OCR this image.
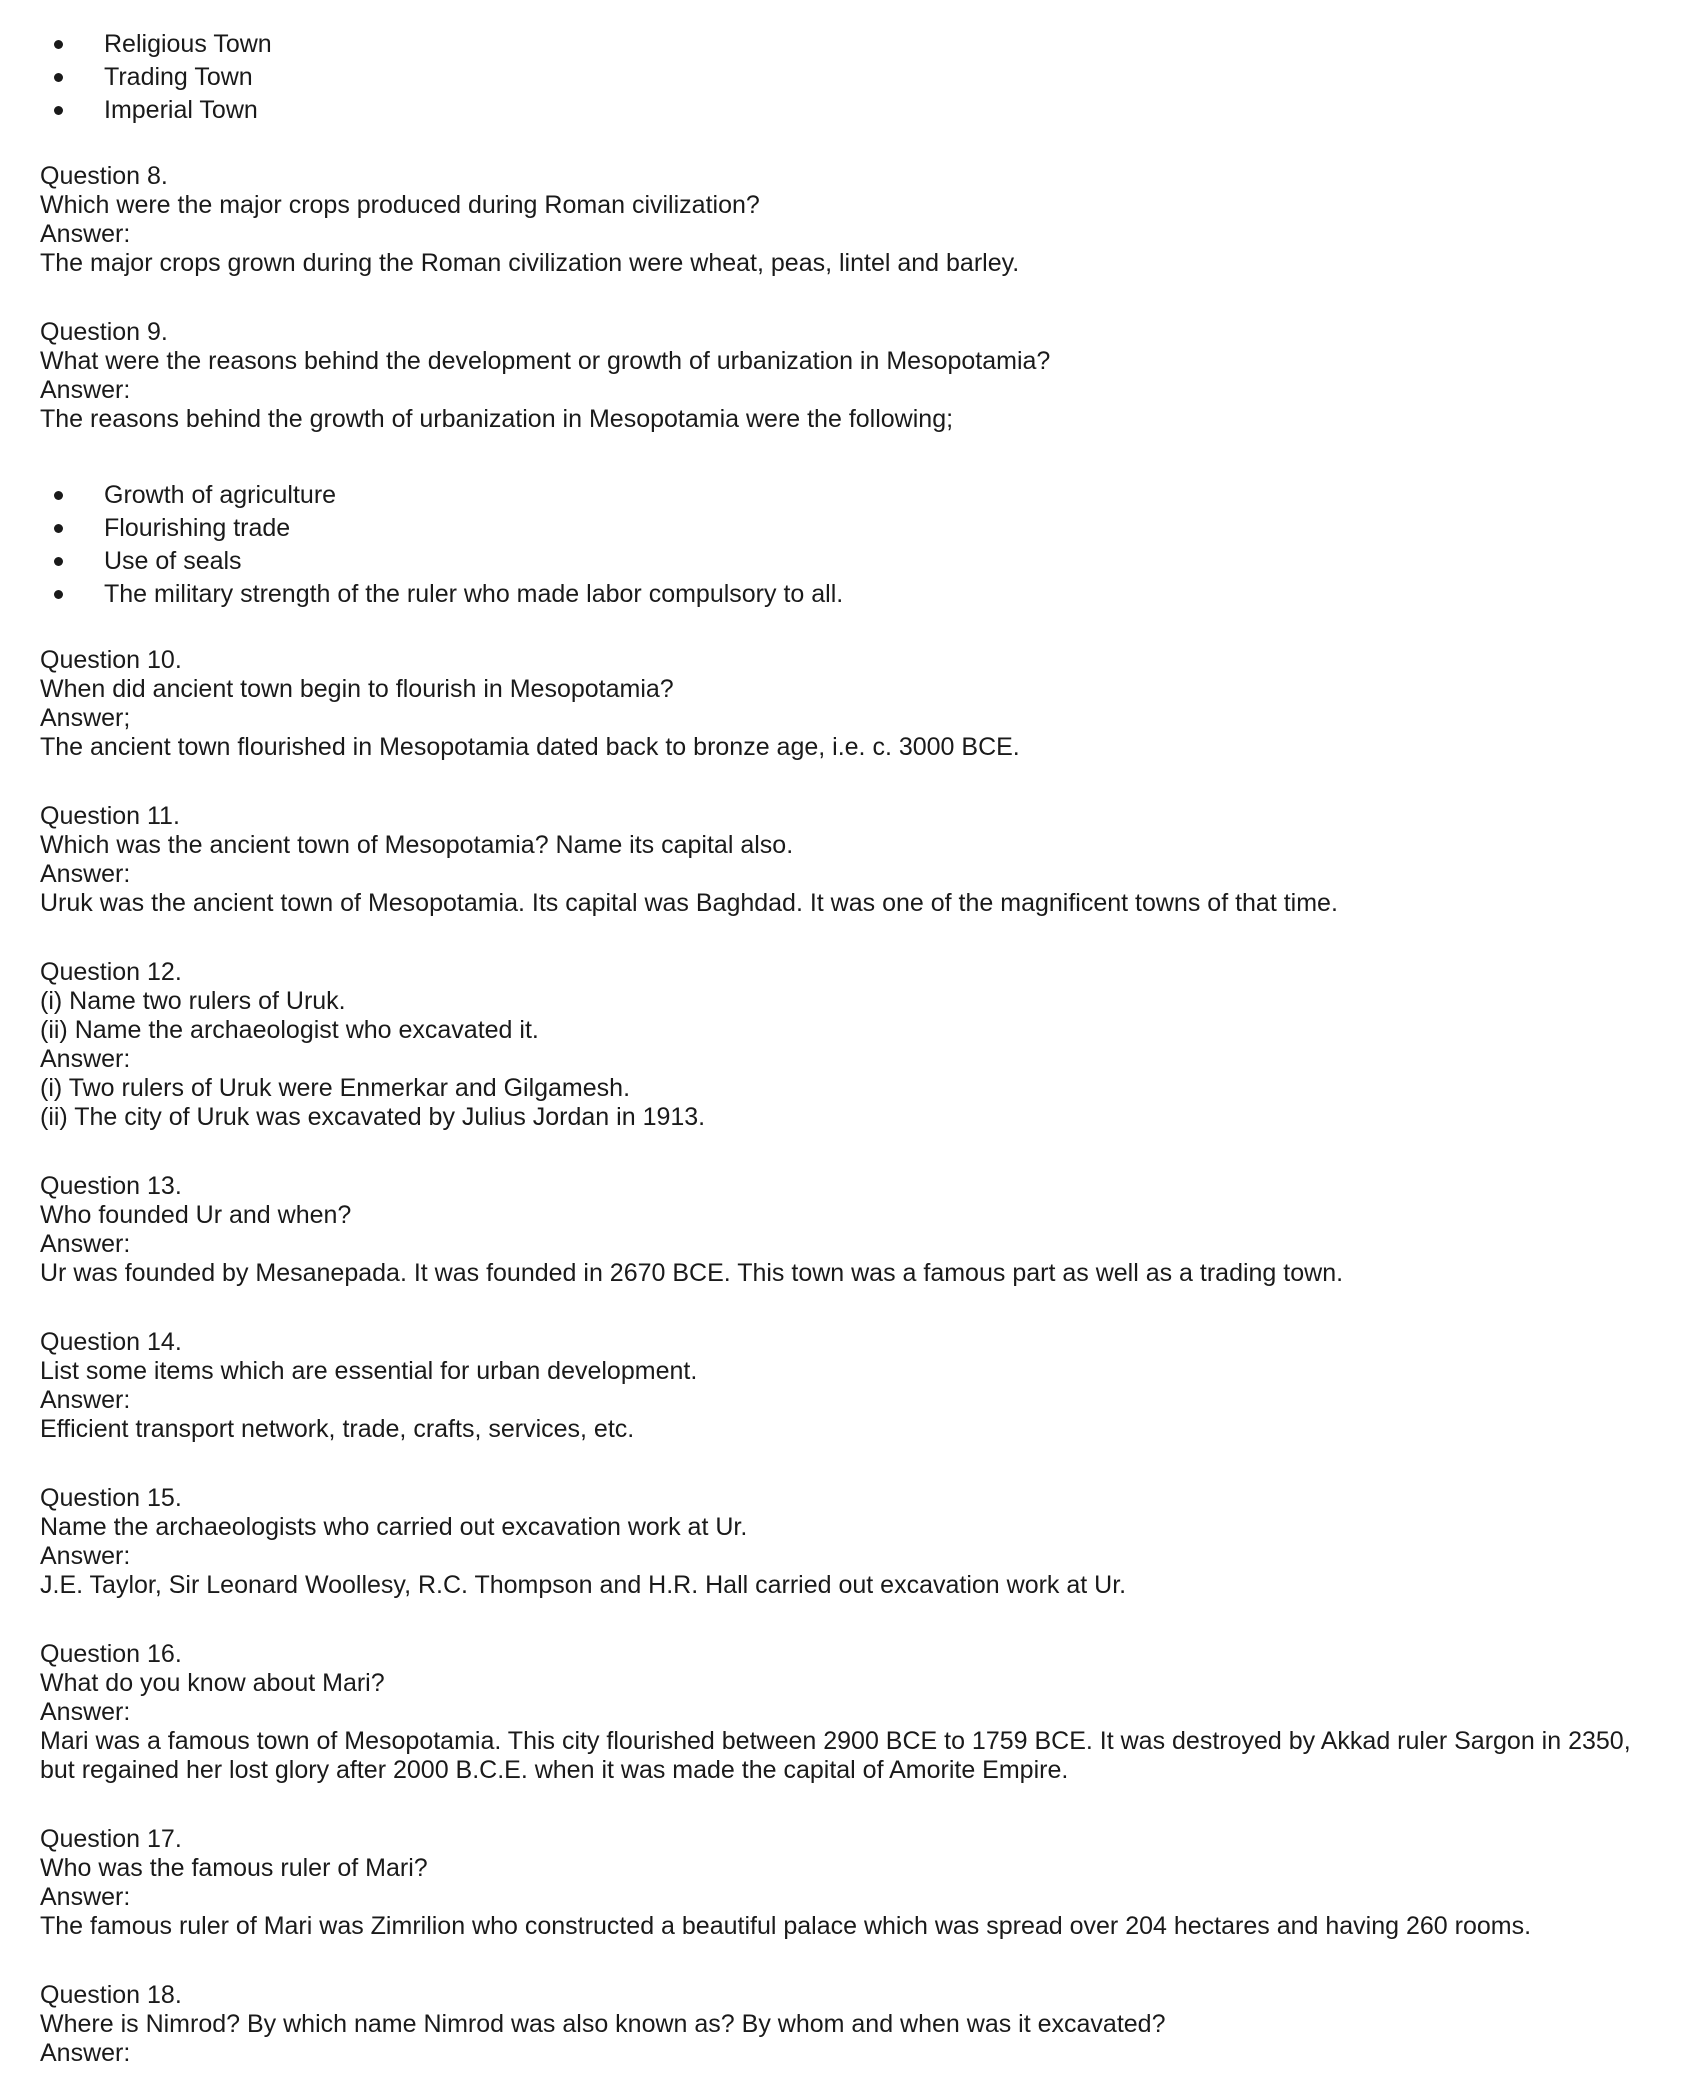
Religious Town
Trading Town
Imperial Town
Question 8.
Which were the major crops produced during Roman civilization?
Answer:
The major crops grown during the Roman civilization were wheat, peas, lintel and barley.
Question 9.
What were the reasons behind the development or growth of urbanization in Mesopotamia?
Answer:
The reasons behind the growth of urbanization in Mesopotamia were the following;
Growth of agriculture
Flourishing trade
Use of seals
The military strength of the ruler who made labor compulsory to all.
Question 10.
When did ancient town begin to flourish in Mesopotamia?
Answer;
The ancient town flourished in Mesopotamia dated back to bronze age, i.e. c. 3000 BCE.
Question 11.
Which was the ancient town of Mesopotamia? Name its capital also.
Answer:
Uruk was the ancient town of Mesopotamia. Its capital was Baghdad. It was one of the magnificent towns of that time.
Question 12.
(i) Name two rulers of Uruk.
(ii) Name the archaeologist who excavated it.
Answer:
(i) Two rulers of Uruk were Enmerkar and Gilgamesh.
(ii) The city of Uruk was excavated by Julius Jordan in 1913.
Question 13.
Who founded Ur and when?
Answer:
Ur was founded by Mesanepada. It was founded in 2670 BCE. This town was a famous part as well as a trading town.
Question 14.
List some items which are essential for urban development.
Answer:
Efficient transport network, trade, crafts, services, etc.
Question 15.
Name the archaeologists who carried out excavation work at Ur.
Answer:
J.E. Taylor, Sir Leonard Woollesy, R.C. Thompson and H.R. Hall carried out excavation work at Ur.
Question 16.
What do you know about Mari?
Answer:
Mari was a famous town of Mesopotamia. This city flourished between 2900 BCE to 1759 BCE. It was destroyed by Akkad ruler Sargon in 2350, but regained her lost glory after 2000 B.C.E. when it was made the capital of Amorite Empire.
Question 17.
Who was the famous ruler of Mari?
Answer:
The famous ruler of Mari was Zimrilion who constructed a beautiful palace which was spread over 204 hectares and having 260 rooms.
Question 18.
Where is Nimrod? By which name Nimrod was also known as? By whom and when was it excavated?
Answer:
